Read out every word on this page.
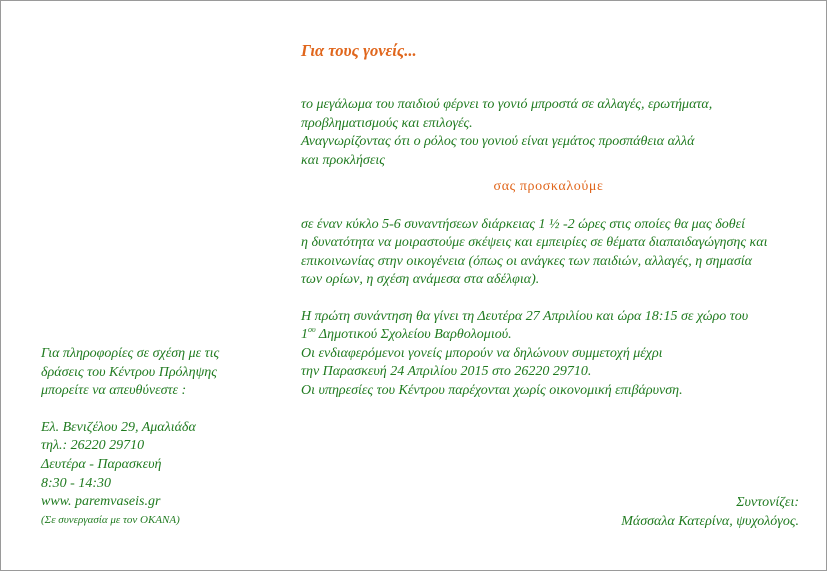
Για τους γονείς...

το μεγάλωμα του παιδιού φέρνει το γονιό μπροστά σε αλλαγές, ερωτήματα,

προβληματισμούς και επιλογές.

Αναγνωρίζοντας ότι ο ρόλος του γονιού είναι γεμάτος προσπάθεια αλλά

και προκλήσεις

σας προσκαλούμε

σε έναν κύκλο 5-6 συναντήσεων διάρκειας 1 ½ -2 ώρες στις οποίες θα μας δοθεί

η δυνατότητα να μοιραστούμε σκέψεις και εμπειρίες σε θέματα διαπαιδαγώγησης και

επικοινωνίας στην οικογένεια (όπως οι ανάγκες των παιδιών, αλλαγές, η σημασία

των ορίων, η σχέση ανάμεσα στα αδέλφια).

Η πρώτη συνάντηση θα γίνει τη Δευτέρα 27 Απριλίου και ώρα 18:15 σε χώρο του

$1^{o\upsilon}$ Δημοτικού Σχολείου Βαρθολομιού.

Οι ενδιαφερόμενοι γονείς μπορούν να δηλώνουν συμμετοχή μέχρι

την Παρασκευή 24 Απριλίου 2015 στο 26220 29710.

Οι υπηρεσίες του Κέντρου παρέχονται χωρίς οικονομική επιβάρυνση.

Για πληροφορίες σε σχέση με τις

δράσεις του Κέντρου Πρόληψης

μπορείτε να απευθύνεστε :

Ελ. Βενιζέλου 29, Αμαλιάδα

τηλ.: 26220 29710

Δευτέρα - Παρασκευή

8:30 - 14:30

www. paremvaseis.gr

(Σε συνεργασία με τον ΟΚΑΝΑ)

Συντονίζει:

Μάσσαλα Κατερίνα, ψυχολόγος.
